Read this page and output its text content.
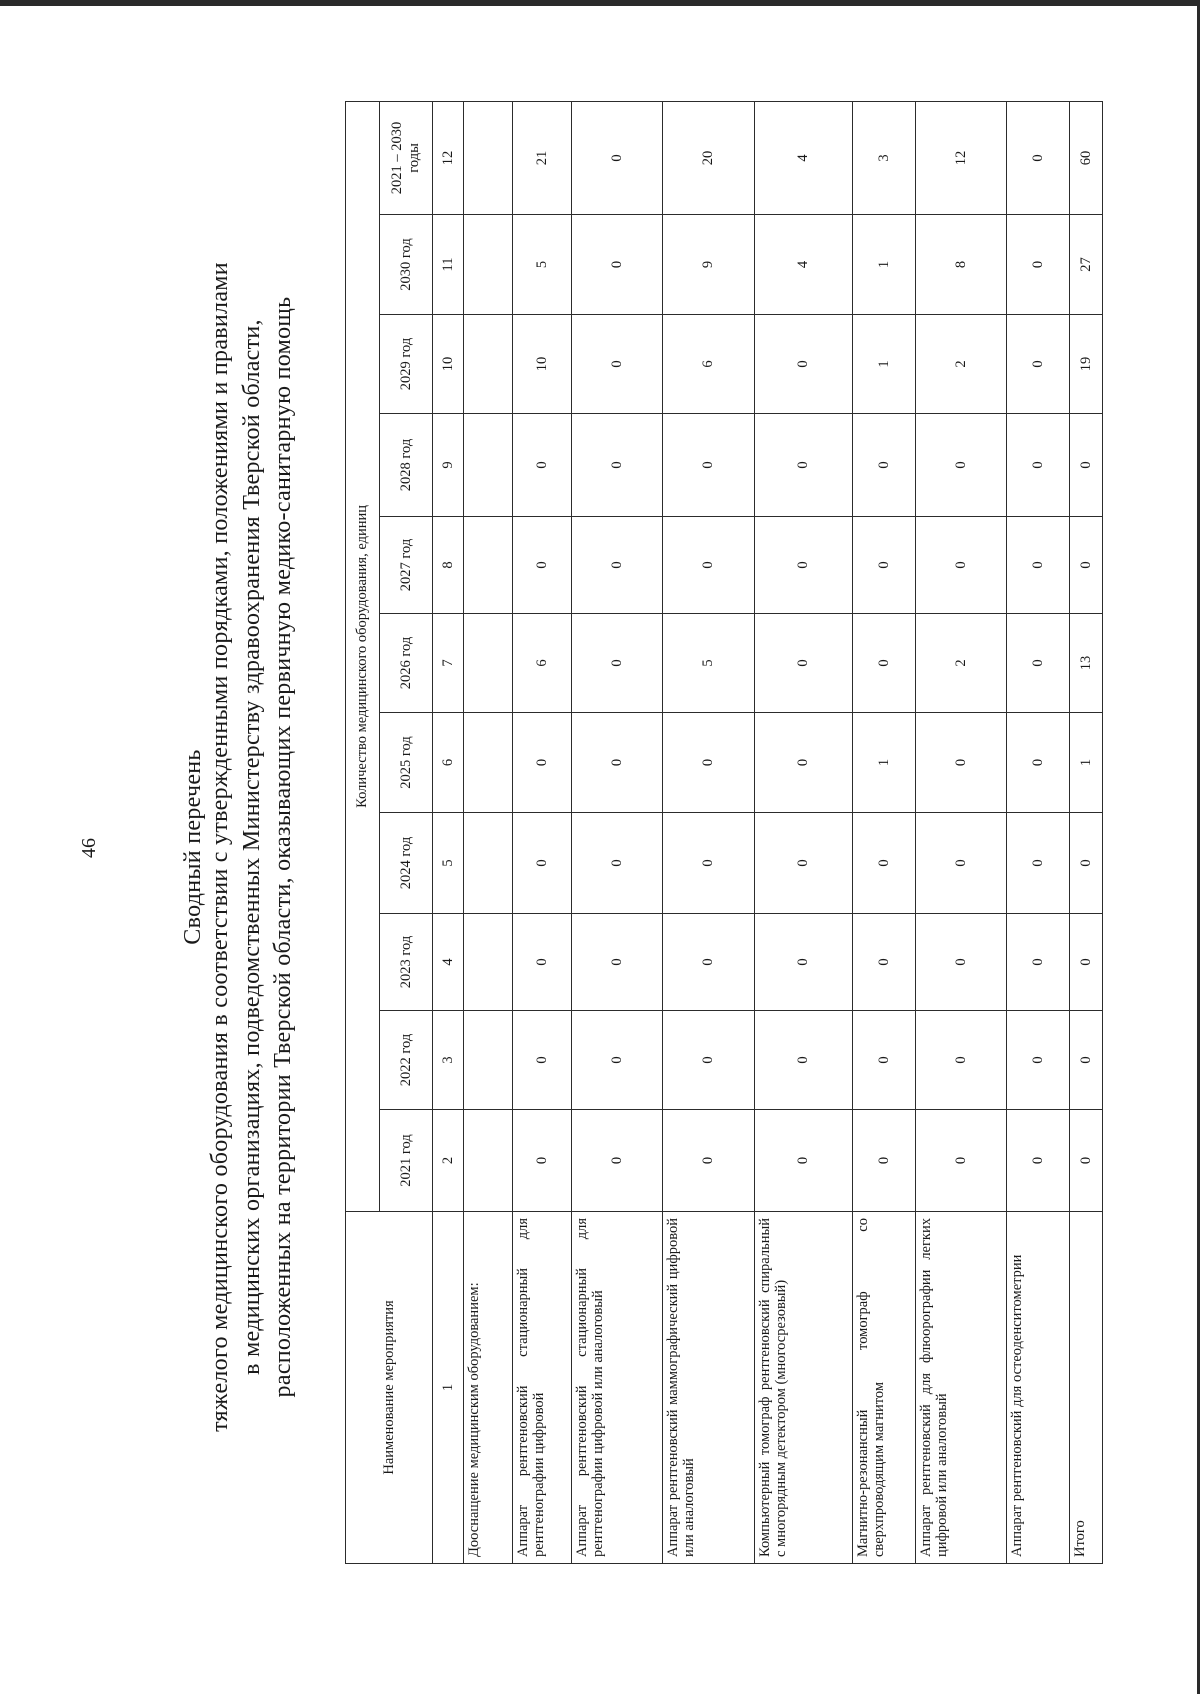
46	Сводный перечень тяжелого медицинского оборудования в соответствии с утвержденными порядками, положениями и правилами в медицинских организациях, подведомственных Министерству здравоохранения Тверской области, расположенных на территории Тверской области, оказывающих первичную медико-санитарную помощь	Наименование мероприятия	Количество медицинского оборудования, единиц										
	2021 год	2022 год	2023 год	2024 год	2025 год	2026 год	2027 год	2028 год	2029 год	2030 год	2021 – 2030 годы
1	2	3	4	5	6	7	8	9	10	11	12
Дооснащение медицинским оборудованием:											
Аппарат рентгеновский стационарный для рентгенографии цифровой	0	0	0	0	0	6	0	0	10	5	21
Аппарат рентгеновский стационарный для рентгенографии цифровой или аналоговый	0	0	0	0	0	0	0	0	0	0	0
Аппарат рентгеновский маммографический цифровой или аналоговый	0	0	0	0	0	5	0	0	6	9	20
Компьютерный томограф рентгеновский спиральный с многорядным детектором (многосрезовый)	0	0	0	0	0	0	0	0	0	4	4
Магнитно-резонансный томограф со сверхпроводящим магнитом	0	0	0	0	1	0	0	0	1	1	3
Аппарат рентгеновский для флюорографии легких цифровой или аналоговый	0	0	0	0	0	2	0	0	2	8	12
Аппарат рентгеновский для остеоденситометрии	0	0	0	0	0	0	0	0	0	0	0
Итого	0	0	0	0	1	13	0	0	19	27	60
